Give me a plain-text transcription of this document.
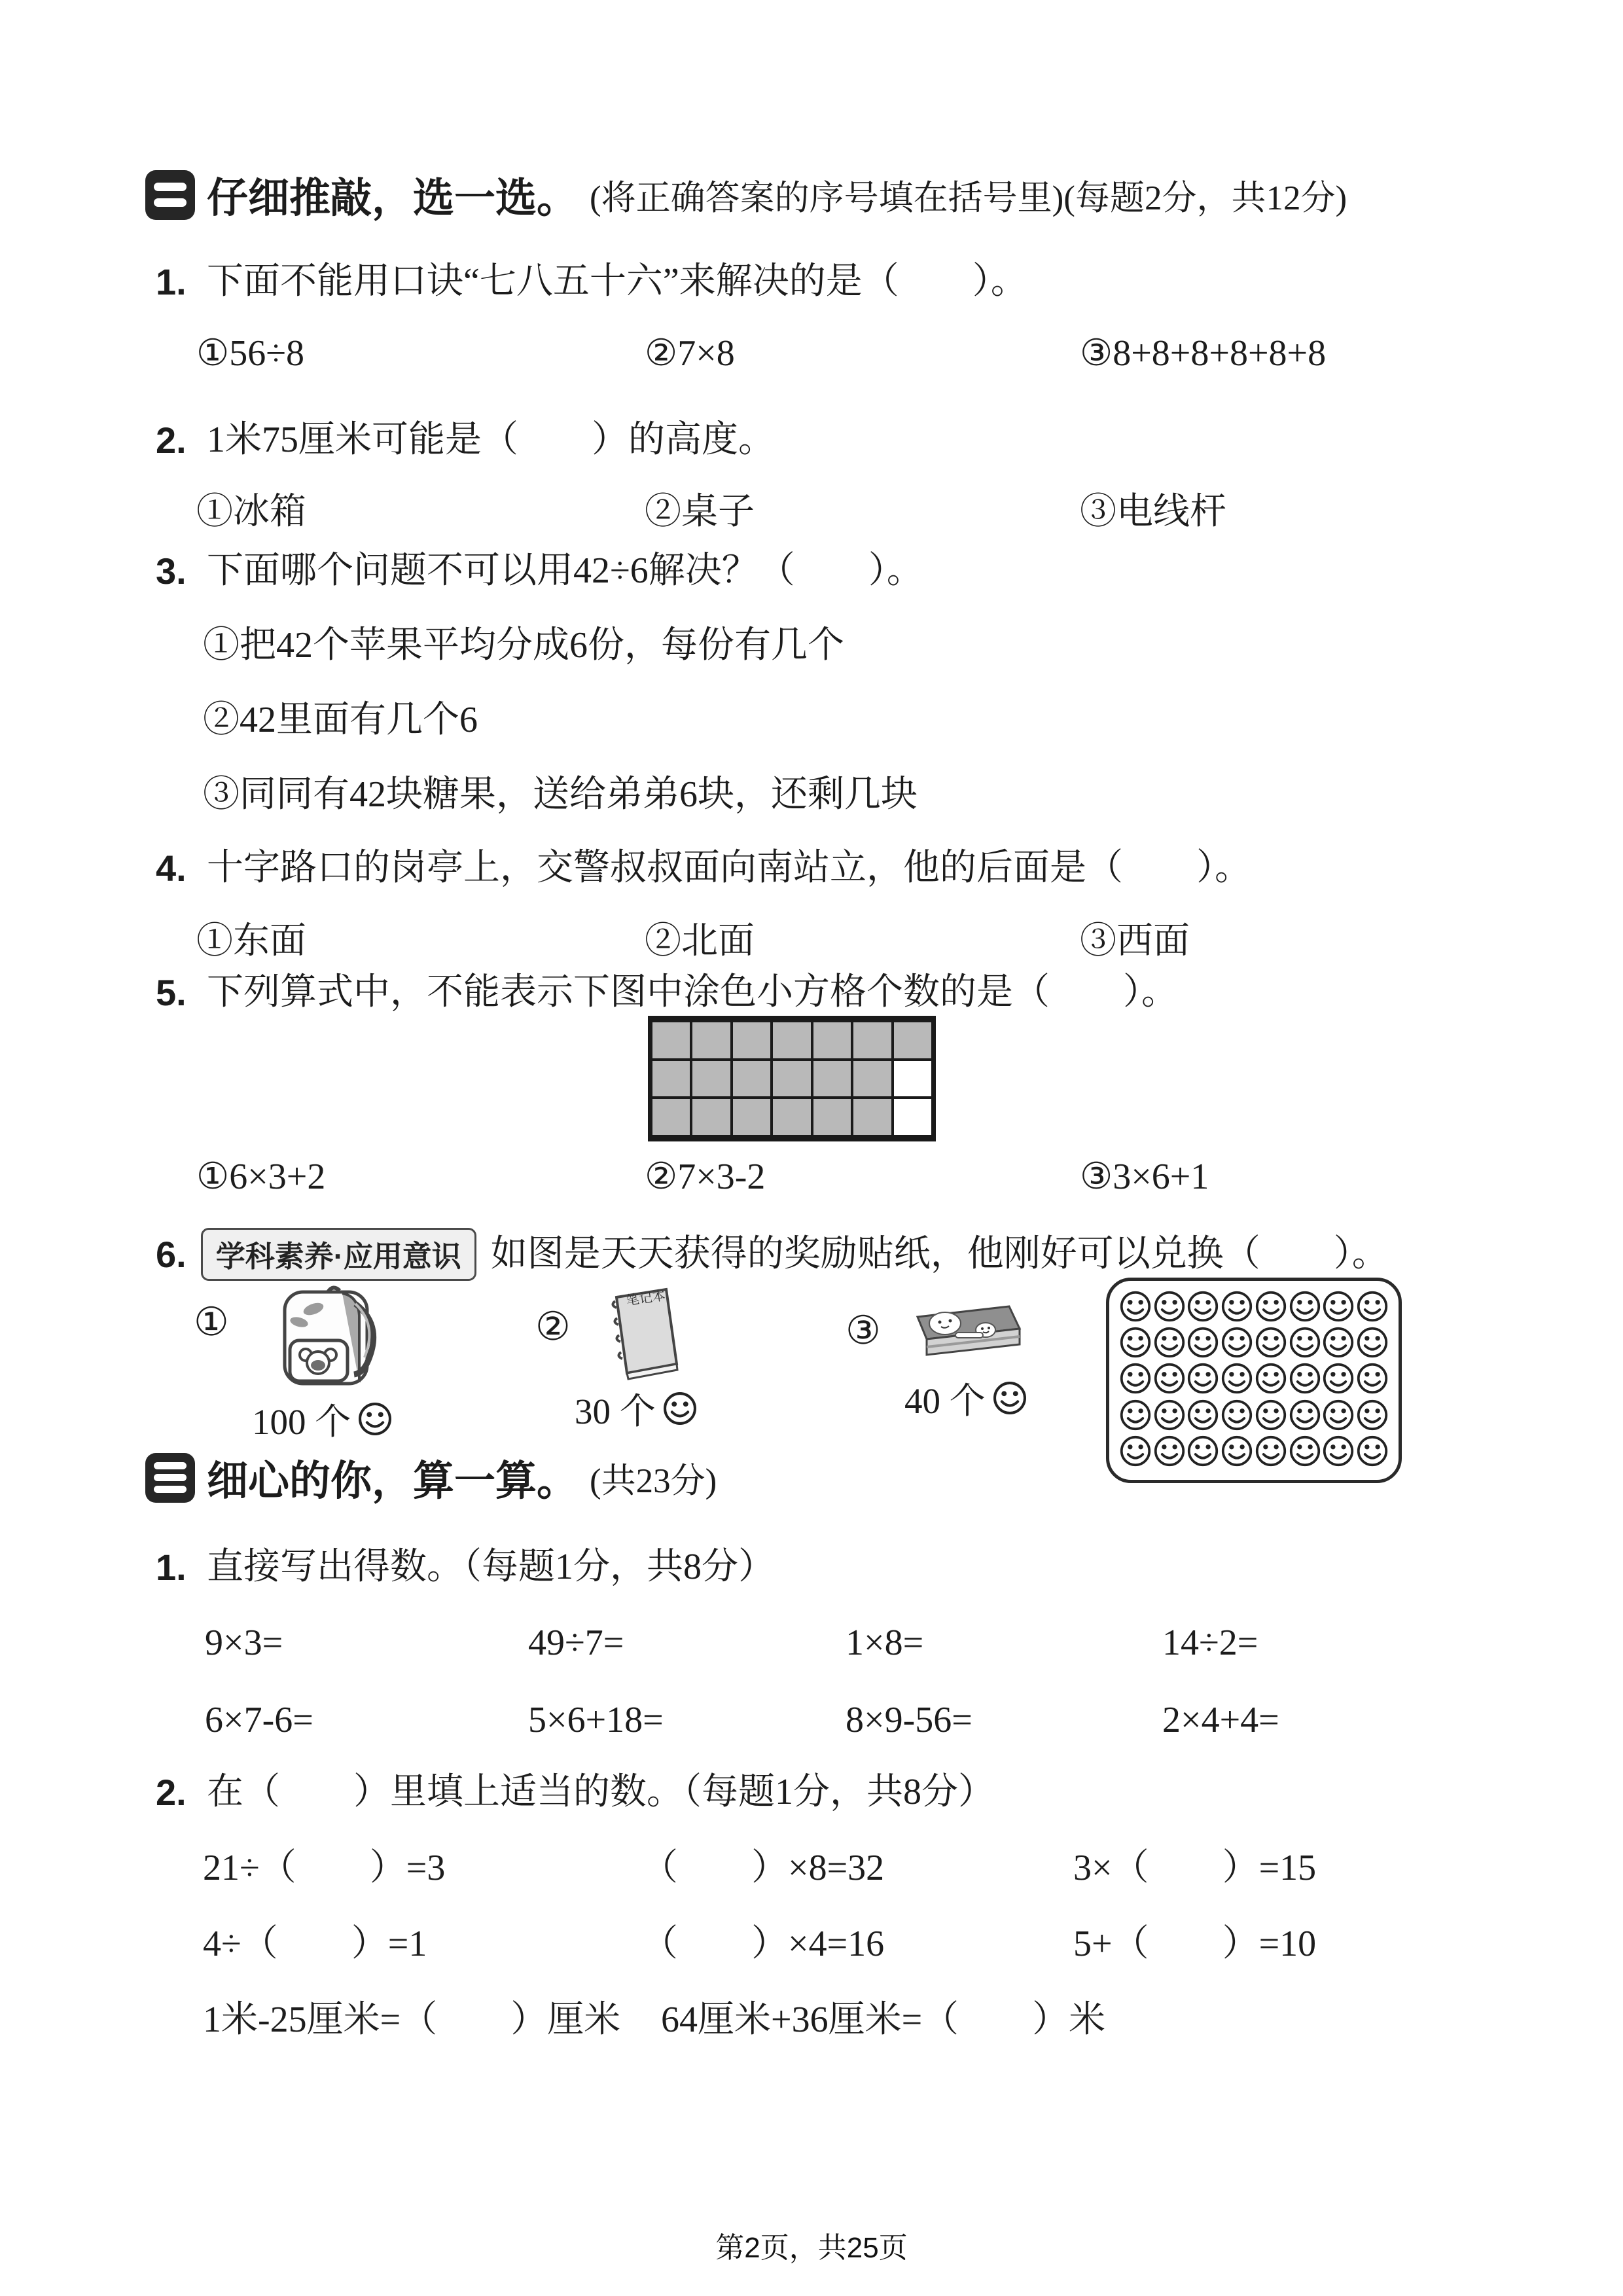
仔细推敲，选一选。 (将正确答案的序号填在括号里)(每题2分，共12分)
1. 下面不能用口诀“七八五十六”来解决的是（　　）。
①56÷8	②7×8	③8+8+8+8+8+8
2. 1米75厘米可能是（　　）的高度。
①冰箱	②桌子	③电线杆
3. 下面哪个问题不可以用42÷6解决？（　　）。
①把42个苹果平均分成6份，每份有几个
②42里面有几个6
③同同有42块糖果，送给弟弟6块，还剩几块
4. 十字路口的岗亭上，交警叔叔面向南站立，他的后面是（　　）。
①东面	②北面	③西面
5. 下列算式中，不能表示下图中涂色小方格个数的是（　　）。
①6×3+2	②7×3-2	③3×6+1
6.	学科素养·应用意识 如图是天天获得的奖励贴纸，他刚好可以兑换（　　）。
①
100 个
②
笔记本
30 个
③
40 个
细心的你，算一算。 (共23分)
1. 直接写出得数。（每题1分，共8分）
9×3=	49÷7=	1×8=	14÷2=
6×7-6=	5×6+18=	8×9-56=	2×4+4=
2. 在（　　）里填上适当的数。（每题1分，共8分）
21÷（　　）=3	（　　）×8=32	3×（　　）=15
4÷（　　）=1	（　　）×4=16	5+（　　）=10
1米-25厘米=（　　）厘米 64厘米+36厘米=（　　）米
第2页，共25页
